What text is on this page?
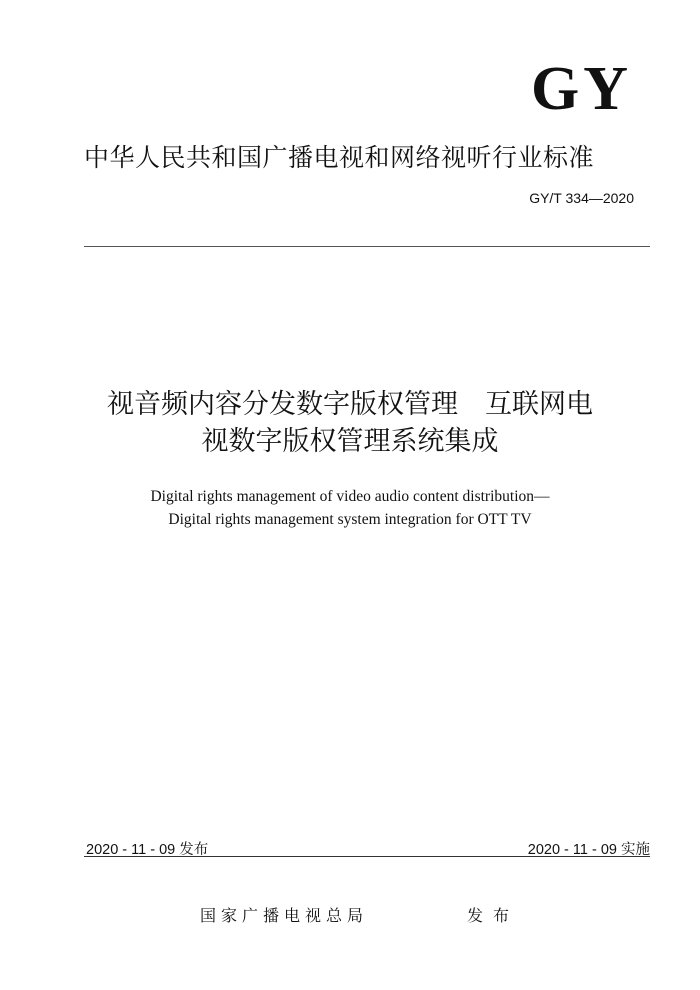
GY
中华人民共和国广播电视和网络视听行业标准
GY/T 334—2020
视音频内容分发数字版权管理　互联网电
视数字版权管理系统集成
Digital rights management of video audio content distribution—
Digital rights management system integration for OTT TV
2020 - 11 - 09 发布	2020 - 11 - 09 实施
国家广播电视总局	发布
